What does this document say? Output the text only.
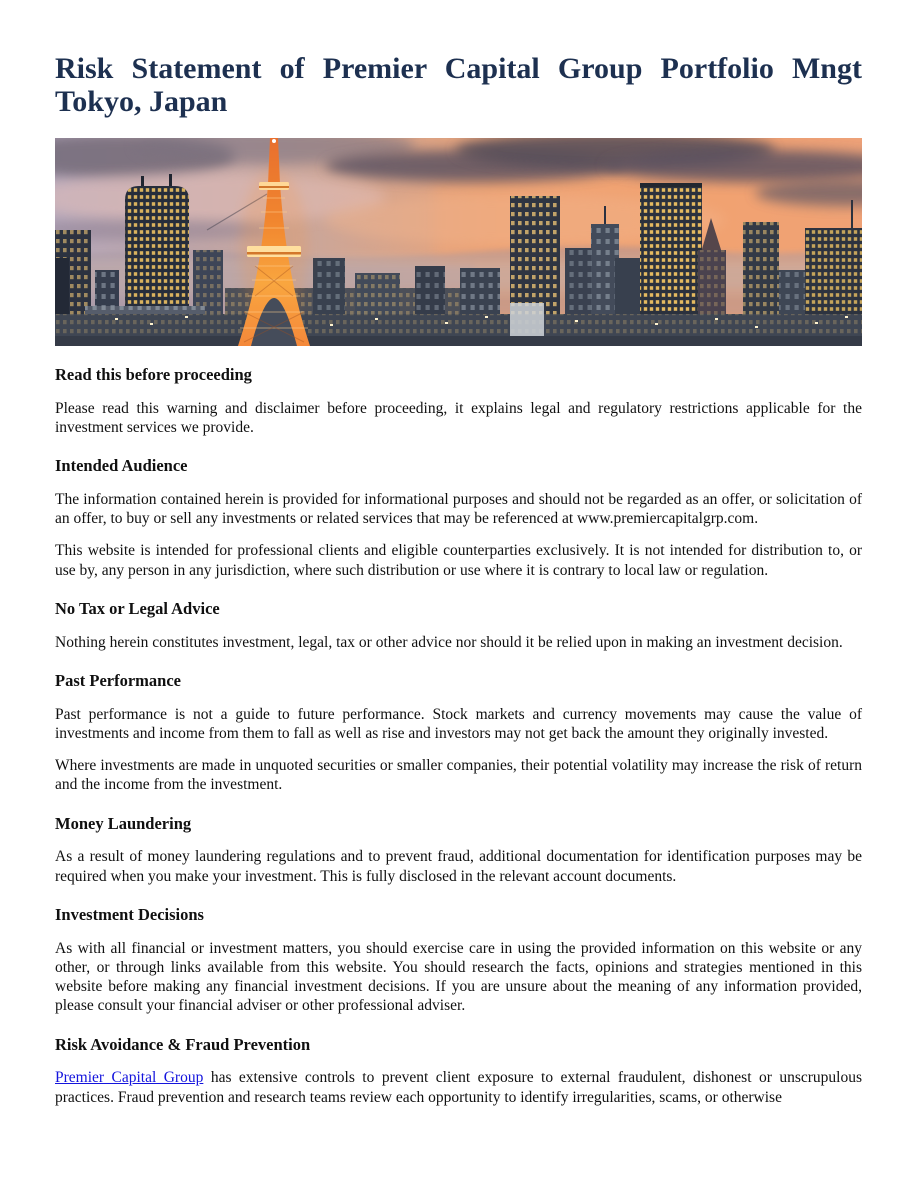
Risk Statement of Premier Capital Group Portfolio Mngt Tokyo, Japan
Read this before proceeding

Please read this warning and disclaimer before proceeding, it explains legal and regulatory restrictions applicable for the investment services we provide.

Intended Audience

The information contained herein is provided for informational purposes and should not be regarded as an offer, or solicitation of an offer, to buy or sell any investments or related services that may be referenced at www.premiercapitalgrp.com.

This website is intended for professional clients and eligible counterparties exclusively. It is not intended for distribution to, or use by, any person in any jurisdiction, where such distribution or use where it is contrary to local law or regulation.

No Tax or Legal Advice

Nothing herein constitutes investment, legal, tax or other advice nor should it be relied upon in making an investment decision.

Past Performance

Past performance is not a guide to future performance. Stock markets and currency movements may cause the value of investments and income from them to fall as well as rise and investors may not get back the amount they originally invested.

Where investments are made in unquoted securities or smaller companies, their potential volatility may increase the risk of return and the income from the investment.

Money Laundering

As a result of money laundering regulations and to prevent fraud, additional documentation for identification purposes may be required when you make your investment. This is fully disclosed in the relevant account documents.

Investment Decisions

As with all financial or investment matters, you should exercise care in using the provided information on this website or any other, or through links available from this website. You should research the facts, opinions and strategies mentioned in this website before making any financial investment decisions. If you are unsure about the meaning of any information provided, please consult your financial adviser or other professional adviser.

Risk Avoidance & Fraud Prevention

Premier Capital Group has extensive controls to prevent client exposure to external fraudulent, dishonest or unscrupulous practices. Fraud prevention and research teams review each opportunity to identify irregularities, scams, or otherwise
